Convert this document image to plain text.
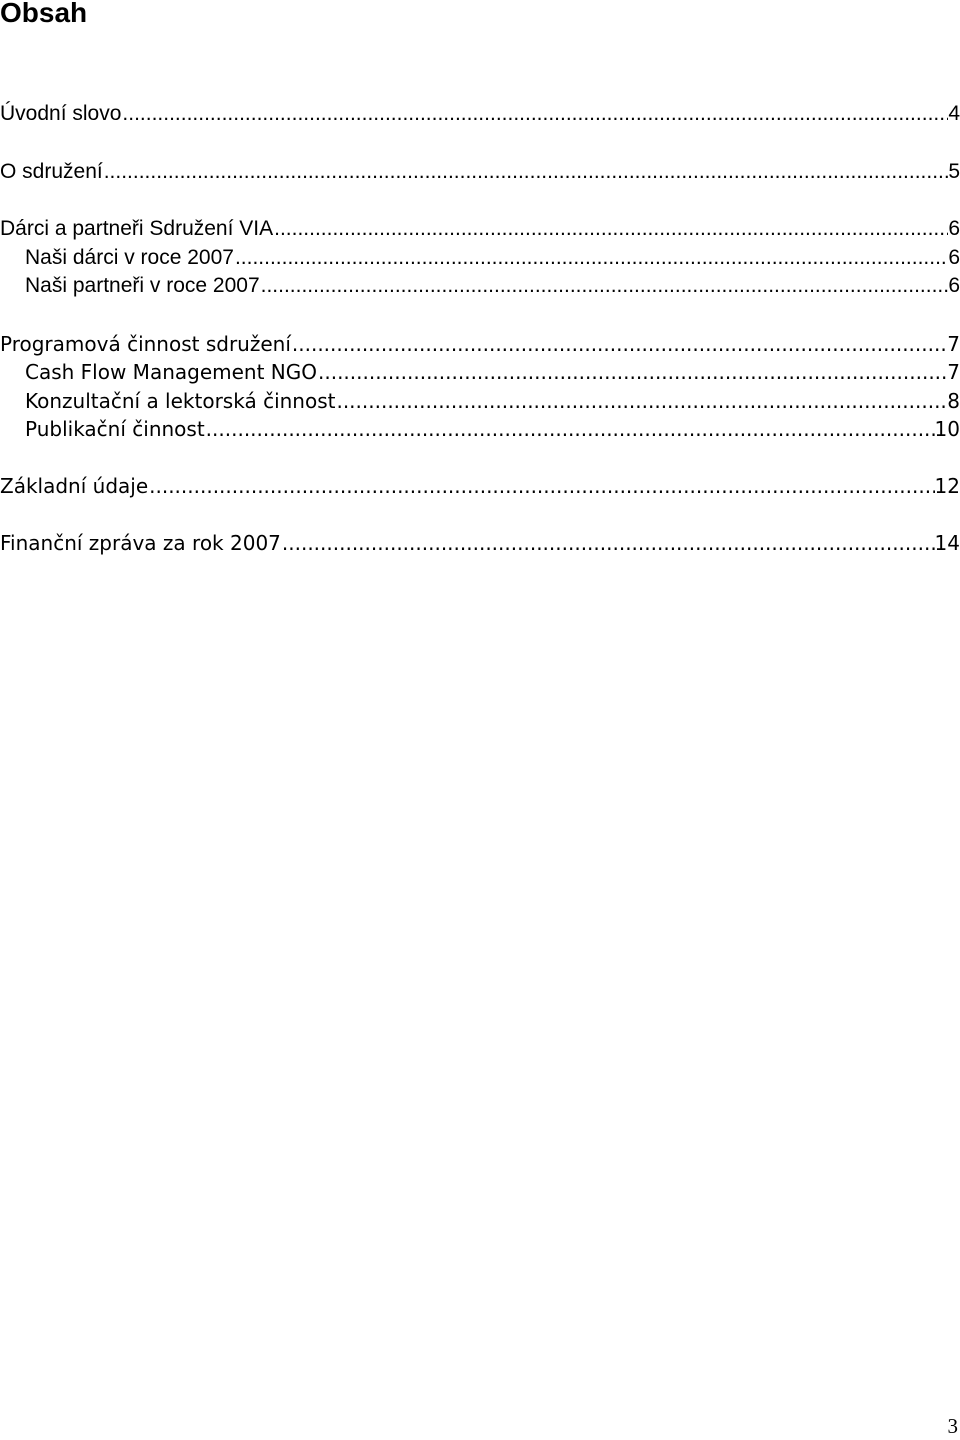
Obsah
Úvodní slovo .....	4
O sdružení .....	5
Dárci a partneři Sdružení VIA .....	6
Naši dárci v roce 2007 .....	6
Naši partneři v roce 2007 .....	6
Programová činnost sdružení .....	7
Cash Flow Management NGO .....	7
Konzultační a lektorská činnost .....	8
Publikační činnost .....	10
Základní údaje .....	12
Finanční zpráva za rok 2007 .....	14
3
